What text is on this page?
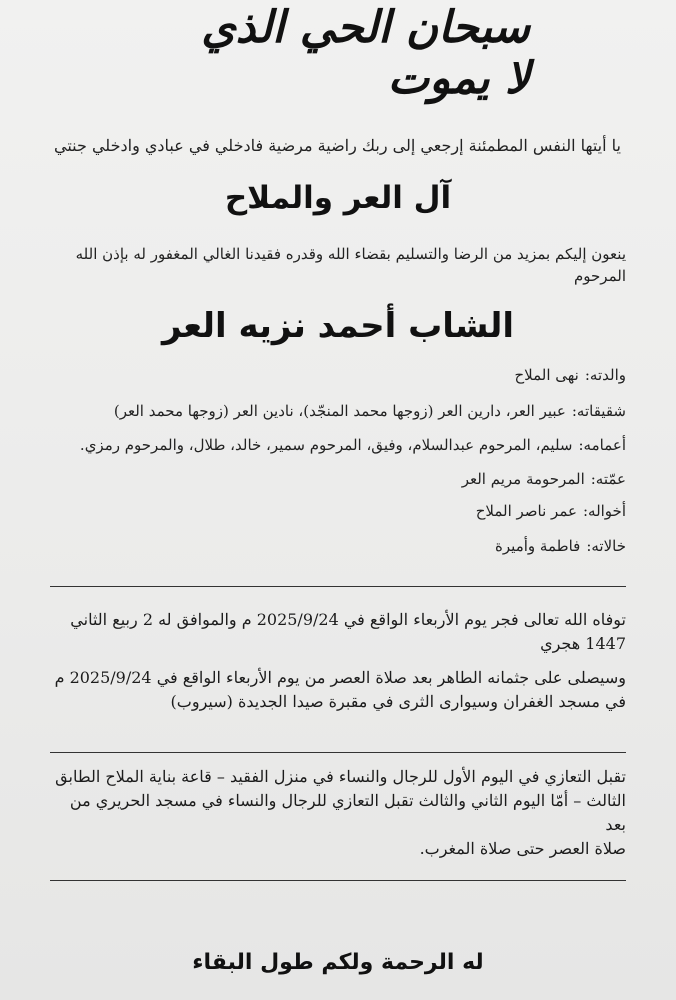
سبحان الحي الذي لا يموت
يا أيتها النفس المطمئنة إرجعي إلى ربك راضية مرضية فادخلي في عبادي وادخلي جنتي
آل العر والملاح
ينعون إليكم بمزيد من الرضا والتسليم بقضاء الله وقدره فقيدنا الغالي المغفور له بإذن الله
المرحوم
الشاب أحمد نزيه العر
والدته:نهى الملاح
شقيقاته:عبير العر، دارين العر (زوجها محمد المنجّد)، نادين العر (زوجها محمد العر)
أعمامه:سليم، المرحوم عبدالسلام، وفيق، المرحوم سمير، خالد، طلال، والمرحوم رمزي.
عمّته:المرحومة مريم العر
أخواله:عمر ناصر الملاح
خالاته:فاطمة وأميرة
توفاه الله تعالى فجر يوم الأربعاء الواقع في 2025/9/24 م والموافق له 2 ربيع الثاني
1447 هجري
وسيصلى على جثمانه الطاهر بعد صلاة العصر من يوم الأربعاء الواقع في 2025/9/24 م
في مسجد الغفران وسيوارى الثرى في مقبرة صيدا الجديدة (سيروب)
تقبل التعازي في اليوم الأول للرجال والنساء في منزل الفقيد – قاعة بناية الملاح الطابق
الثالث – أمّا اليوم الثاني والثالث تقبل التعازي للرجال والنساء في مسجد الحريري من بعد
صلاة العصر حتى صلاة المغرب.
له الرحمة ولكم طول البقاء
